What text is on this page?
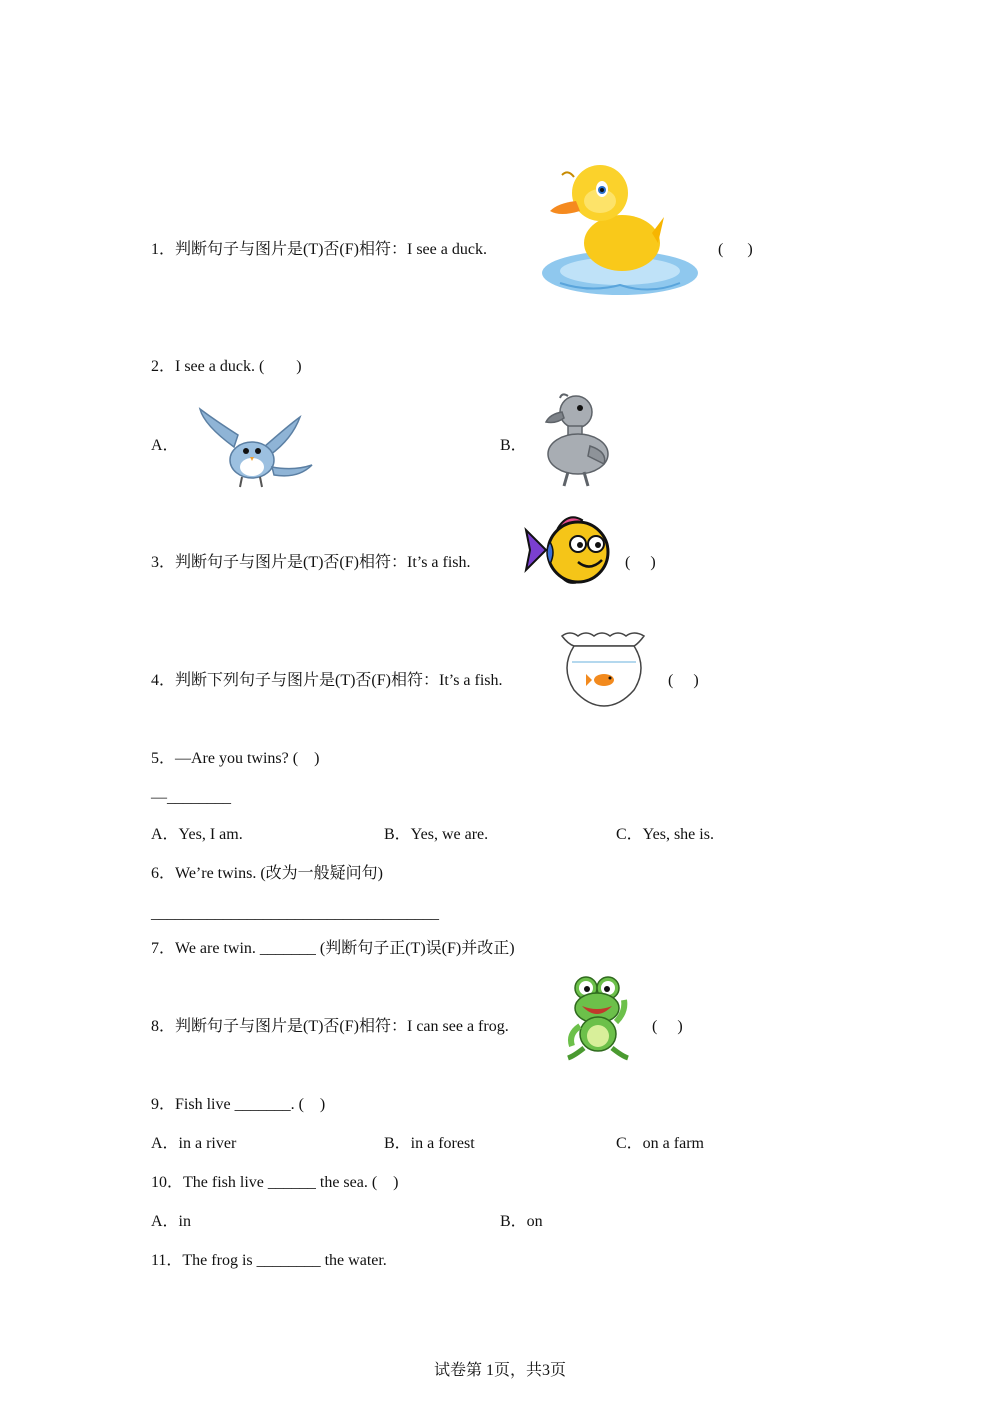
1．判断句子与图片是(T)否(F)相符：I see a duck.	(      )
2．I see a duck. (        )
A．	B．
3．判断句子与图片是(T)否(F)相符：It’s a fish.	(     )
4．判断下列句子与图片是(T)否(F)相符：It’s a fish.	(     )
5．—Are you twins? (    )
—________
A．Yes, I am.	B．Yes, we are.	C．Yes, she is.
6．We’re twins. (改为一般疑问句)
____________________________________
7．We are twin. _______ (判断句子正(T)误(F)并改正)
8．判断句子与图片是(T)否(F)相符：I can see a frog.	(     )
9．Fish live _______. (    )
A．in a river	B．in a forest	C．on a farm
10．The fish live ______ the sea. (    )
A．in	B．on
11．The frog is ________ the water.
试卷第 1页，共3页
